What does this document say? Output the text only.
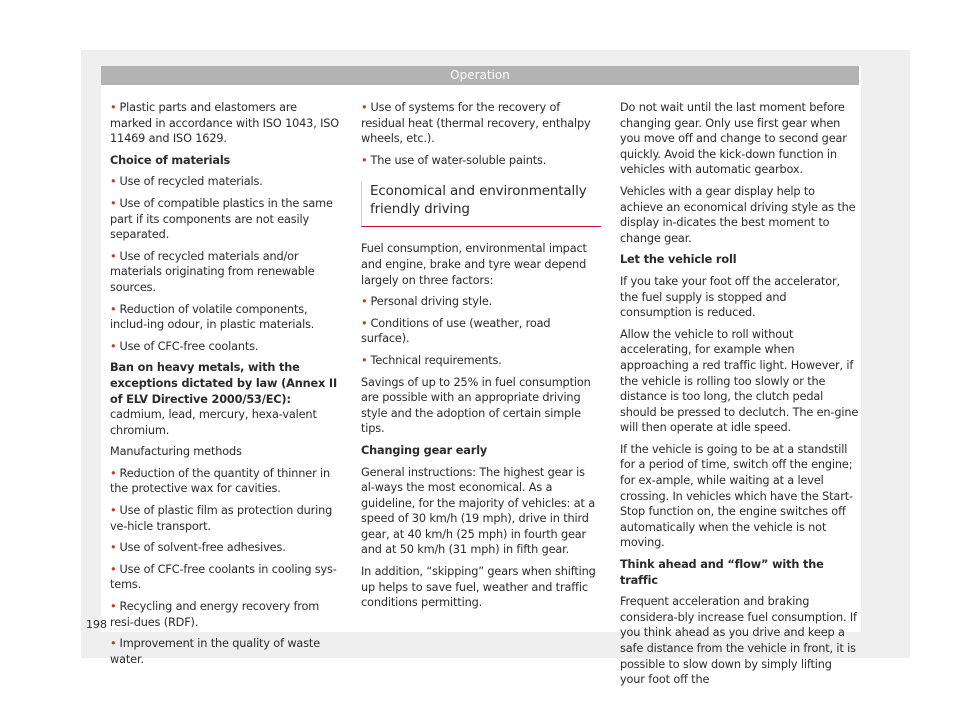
Operation

• Plastic parts and elastomers are marked in accordance with ISO 1043, ISO 11469 and ISO 1629.

Choice of materials

• Use of recycled materials.

• Use of compatible plastics in the same part if its components are not easily separated.

• Use of recycled materials and/or materials originating from renewable sources.

• Reduction of volatile components, includ-ing odour, in plastic materials.

• Use of CFC-free coolants.

Ban on heavy metals, with the exceptions dictated by law (Annex II of ELV Directive 2000/53/EC): cadmium, lead, mercury, hexa-valent chromium.

Manufacturing methods

• Reduction of the quantity of thinner in the protective wax for cavities.

• Use of plastic film as protection during ve-hicle transport.

• Use of solvent-free adhesives.

• Use of CFC-free coolants in cooling sys-tems.

• Recycling and energy recovery from resi-dues (RDF).

• Improvement in the quality of waste water.

• Use of systems for the recovery of residual heat (thermal recovery, enthalpy wheels, etc.).

• The use of water-soluble paints.

Economical and environmentally friendly driving

Fuel consumption, environmental impact and engine, brake and tyre wear depend largely on three factors:

• Personal driving style.

• Conditions of use (weather, road surface).

• Technical requirements.

Savings of up to 25% in fuel consumption are possible with an appropriate driving style and the adoption of certain simple tips.

Changing gear early

General instructions: The highest gear is al-ways the most economical. As a guideline, for the majority of vehicles: at a speed of 30 km/h (19 mph), drive in third gear, at 40 km/h (25 mph) in fourth gear and at 50 km/h (31 mph) in fifth gear.

In addition, “skipping” gears when shifting up helps to save fuel, weather and traffic conditions permitting.

Do not wait until the last moment before changing gear. Only use first gear when you move off and change to second gear quickly. Avoid the kick-down function in vehicles with automatic gearbox.

Vehicles with a gear display help to achieve an economical driving style as the display in-dicates the best moment to change gear.

Let the vehicle roll

If you take your foot off the accelerator, the fuel supply is stopped and consumption is reduced.

Allow the vehicle to roll without accelerating, for example when approaching a red traffic light. However, if the vehicle is rolling too slowly or the distance is too long, the clutch pedal should be pressed to declutch. The en-gine will then operate at idle speed.

If the vehicle is going to be at a standstill for a period of time, switch off the engine; for ex-ample, while waiting at a level crossing. In vehicles which have the Start-Stop function on, the engine switches off automatically when the vehicle is not moving.

Think ahead and “flow” with the traffic

Frequent acceleration and braking considera-bly increase fuel consumption. If you think ahead as you drive and keep a safe distance from the vehicle in front, it is possible to slow down by simply lifting your foot off the

198
